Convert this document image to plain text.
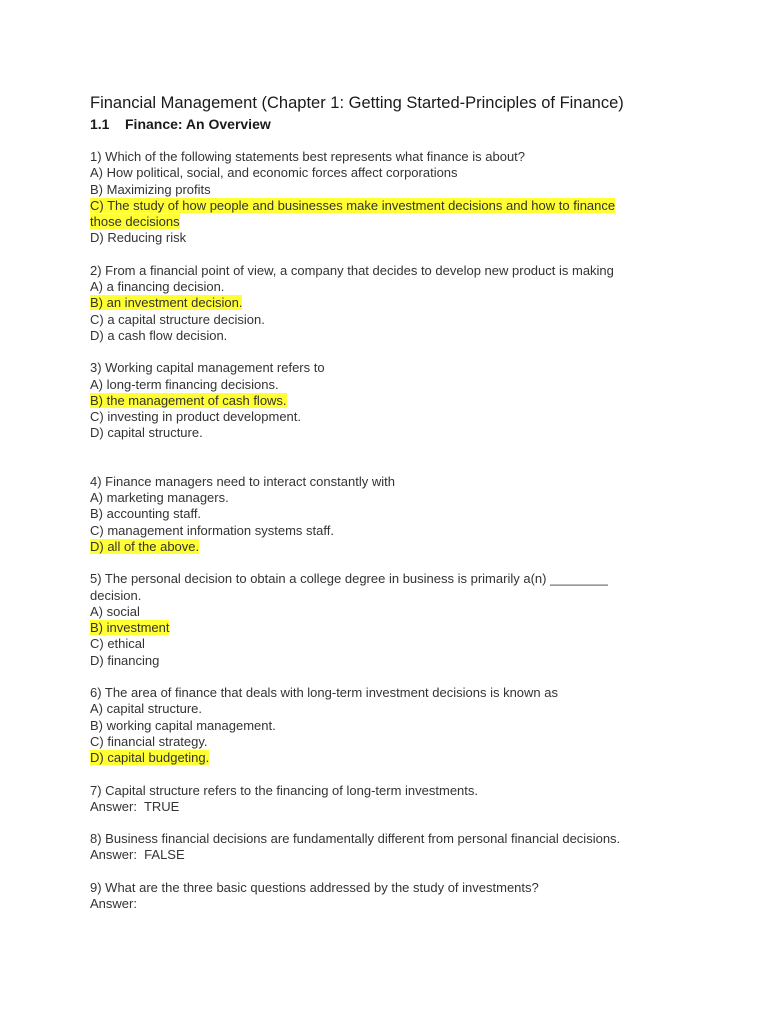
Financial Management (Chapter 1: Getting Started-Principles of Finance)
1.1 Finance: An Overview
1) Which of the following statements best represents what finance is about?
A) How political, social, and economic forces affect corporations
B) Maximizing profits
C) The study of how people and businesses make investment decisions and how to finance
those decisions
D) Reducing risk
2) From a financial point of view, a company that decides to develop new product is making
A) a financing decision.
B) an investment decision.
C) a capital structure decision.
D) a cash flow decision.
3) Working capital management refers to
A) long-term financing decisions.
B) the management of cash flows.
C) investing in product development.
D) capital structure.
4) Finance managers need to interact constantly with
A) marketing managers.
B) accounting staff.
C) management information systems staff.
D) all of the above.
5) The personal decision to obtain a college degree in business is primarily a(n) ________
decision.
A) social
B) investment
C) ethical
D) financing
6) The area of finance that deals with long-term investment decisions is known as
A) capital structure.
B) working capital management.
C) financial strategy.
D) capital budgeting.
7) Capital structure refers to the financing of long-term investments.
Answer:  TRUE
8) Business financial decisions are fundamentally different from personal financial decisions.
Answer:  FALSE
9) What are the three basic questions addressed by the study of investments?
Answer:
